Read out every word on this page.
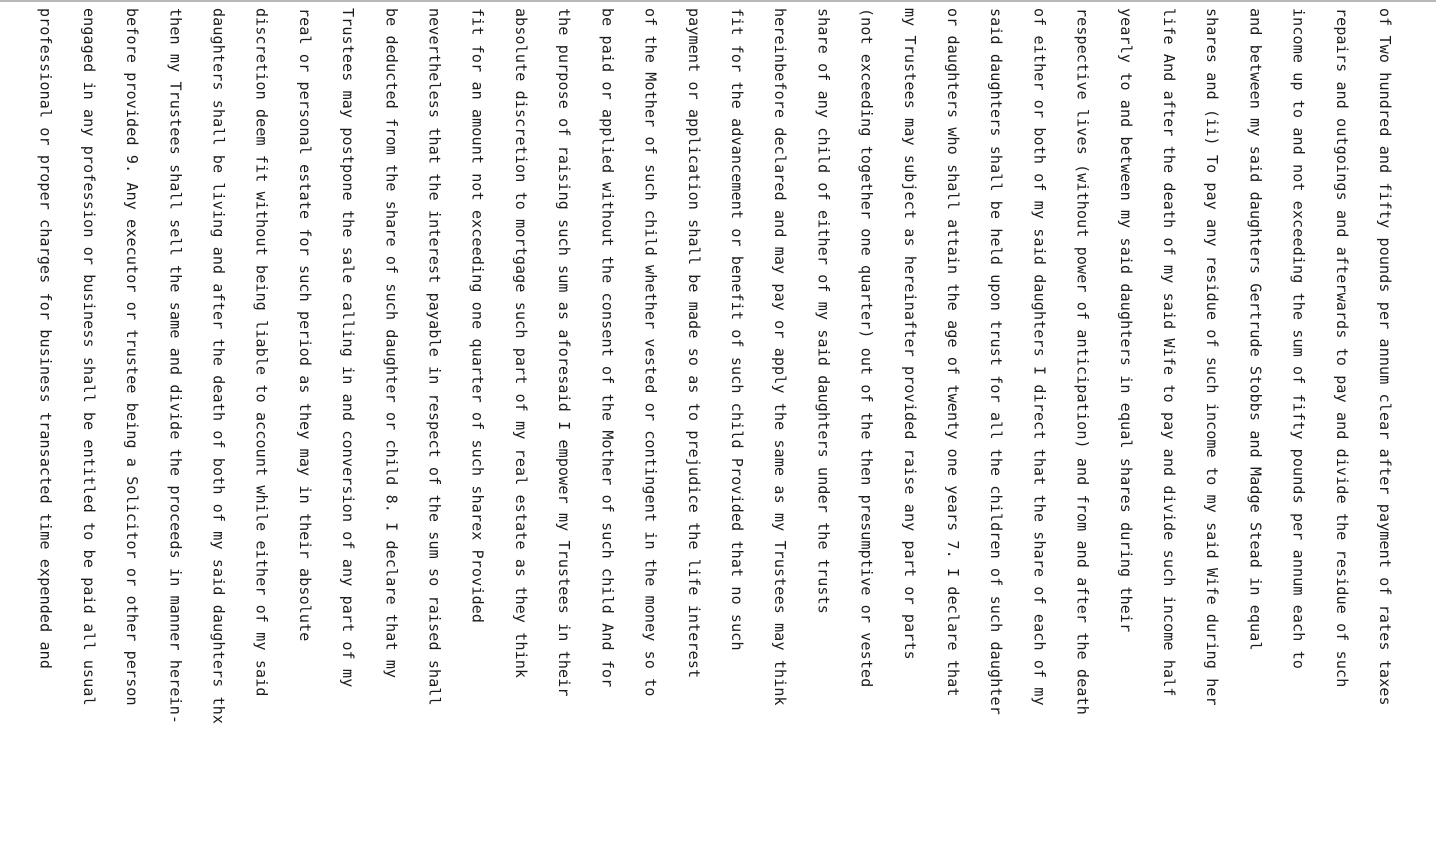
of Two hundred and fifty pounds per annum clear after payment of rates taxes
repairs and outgoings and afterwards to pay and divide the residue of such
income up to and not exceeding the sum of fifty pounds per annum each to
and between my said daughters Gertrude Stobbs and Madge Stead in equal
shares and (ii) To pay any residue of such income to my said Wife during her
life And after the death of my said Wife to pay and divide such income half
yearly to and between my said daughters in equal shares during their
respective lives (without power of anticipation) and from and after the death
of either or both of my said daughters I direct that the share of each of my
said daughters shall be held upon trust for all the children of such daughter
or daughters who shall attain the age of twenty one years 7. I declare that
my Trustees may subject as hereinafter provided raise any part or parts
(not exceeding together one quarter) out of the then presumptive or vested
share of any child of either of my said daughters under the trusts
hereinbefore declared and may pay or apply the same as my Trustees may think
fit for the advancement or benefit of such child Provided that no such
payment or application shall be made so as to prejudice the life interest
of the Mother of such child whether vested or contingent in the money so to
be paid or applied without the consent of the Mother of such child And for
the purpose of raising such sum as aforesaid I empower my Trustees in their
absolute discretion to mortgage such part of my real estate as they think
fit for an amount not exceeding one quarter of such sharex Provided
nevertheless that the interest payable in respect of the sum so raised shall
be deducted from the share of such daughter or child 8. I declare that my
Trustees may postpone the sale calling in and conversion of any part of my
real or personal estate for such period as they may in their absolute
discretion deem fit without being liable to account while either of my said
daughters shall be living and after the death of both of my said daughters thx
then my Trustees shall sell the same and divide the proceeds in manner herein-
before provided 9. Any executor or trustee being a Solicitor or other person
engaged in any profession or business shall be entitled to be paid all usual
professional or proper charges for business transacted time expended and
